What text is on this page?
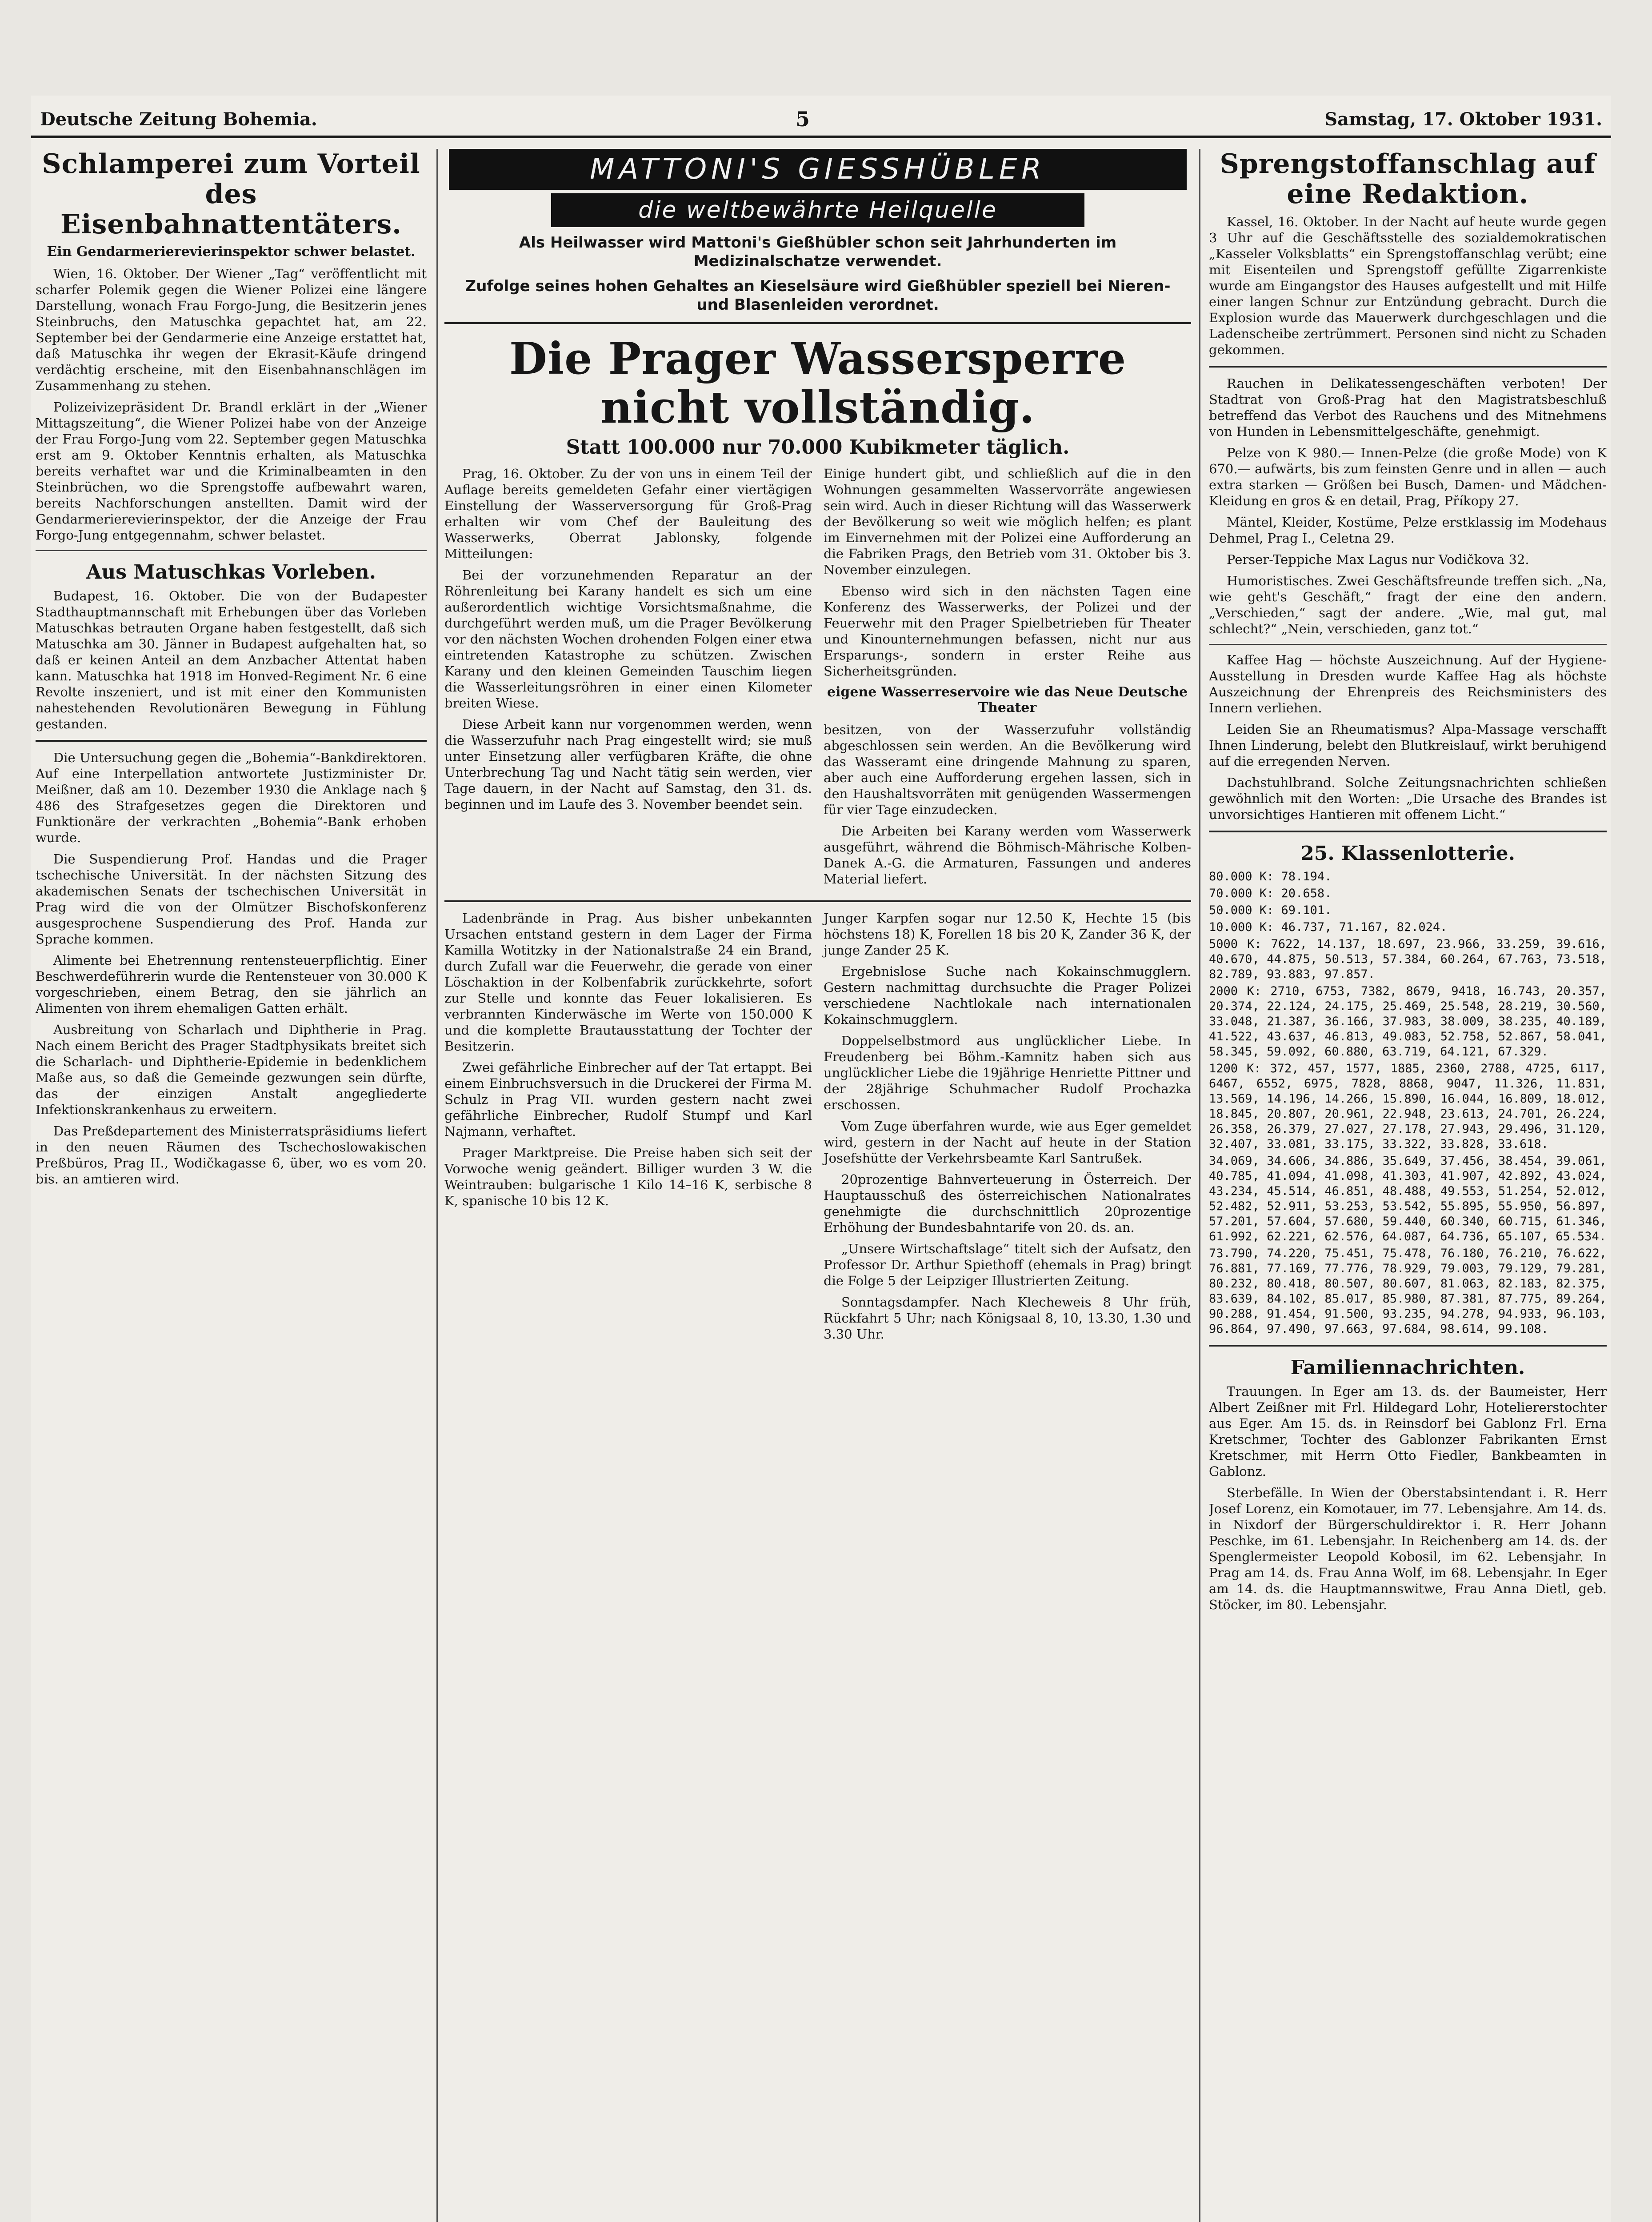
Deutsche Zeitung Bohemia.	5	Samstag, 17. Oktober 1931.
Schlamperei zum Vorteil des Eisenbahnattentäters.
Ein Gendarmerierevierinspektor schwer belastet.

Wien, 16. Oktober. Der Wiener „Tag“ veröffentlicht mit scharfer Polemik gegen die Wiener Polizei eine längere Darstellung, wonach Frau Forgo-Jung, die Besitzerin jenes Steinbruchs, den Matuschka gepachtet hat, am 22. September bei der Gendarmerie eine Anzeige erstattet hat, daß Matuschka ihr wegen der Ekrasit-Käufe dringend verdächtig erscheine, mit den Eisenbahnanschlägen im Zusammenhang zu stehen.

Polizeivizepräsident Dr. Brandl erklärt in der „Wiener Mittagszeitung“, die Wiener Polizei habe von der Anzeige der Frau Forgo-Jung vom 22. September gegen Matuschka erst am 9. Oktober Kenntnis erhalten, als Matuschka bereits verhaftet war und die Kriminalbeamten in den Steinbrüchen, wo die Sprengstoffe aufbewahrt waren, bereits Nachforschungen anstellten. Damit wird der Gendarmerierevierinspektor, der die Anzeige der Frau Forgo-Jung entgegennahm, schwer belastet.

Aus Matuschkas Vorleben.

Budapest, 16. Oktober. Die von der Budapester Stadthauptmannschaft mit Erhebungen über das Vorleben Matuschkas betrauten Organe haben festgestellt, daß sich Matuschka am 30. Jänner in Budapest aufgehalten hat, so daß er keinen Anteil an dem Anzbacher Attentat haben kann. Matuschka hat 1918 im Honved-Regiment Nr. 6 eine Revolte inszeniert, und ist mit einer den Kommunisten nahestehenden Revolutionären Bewegung in Fühlung gestanden.

Die Untersuchung gegen die „Bohemia“-Bankdirektoren. Auf eine Interpellation antwortete Justizminister Dr. Meißner, daß am 10. Dezember 1930 die Anklage nach § 486 des Strafgesetzes gegen die Direktoren und Funktionäre der verkrachten „Bohemia“-Bank erhoben wurde.

Die Suspendierung Prof. Handas und die Prager tschechische Universität. In der nächsten Sitzung des akademischen Senats der tschechischen Universität in Prag wird die von der Olmützer Bischofskonferenz ausgesprochene Suspendierung des Prof. Handa zur Sprache kommen.

Alimente bei Ehetrennung rentensteuerpflichtig. Einer Beschwerdeführerin wurde die Rentensteuer von 30.000 K vorgeschrieben, einem Betrag, den sie jährlich an Alimenten von ihrem ehemaligen Gatten erhält.

Ausbreitung von Scharlach und Diphtherie in Prag. Nach einem Bericht des Prager Stadtphysikats breitet sich die Scharlach- und Diphtherie-Epidemie in bedenklichem Maße aus, so daß die Gemeinde gezwungen sein dürfte, das der einzigen Anstalt angegliederte Infektionskrankenhaus zu erweitern.

Das Preßdepartement des Ministerratspräsidiums liefert in den neuen Räumen des Tschechoslowakischen Preßbüros, Prag II., Wodičkagasse 6, über, wo es vom 20. bis. an amtieren wird.

MATTONI'S GIESSHÜBLER
die weltbewährte Heilquelle
Als Heilwasser wird Mattoni's Gießhübler schon seit Jahrhunderten im Medizinalschatze verwendet.
Zufolge seines hohen Gehaltes an Kieselsäure wird Gießhübler speziell bei Nieren- und Blasenleiden verordnet.
Die Prager Wassersperre nicht vollständig.
Statt 100.000 nur 70.000 Kubikmeter täglich.

Prag, 16. Oktober. Zu der von uns in einem Teil der Auflage bereits gemeldeten Gefahr einer viertägigen Einstellung der Wasserversorgung für Groß-Prag erhalten wir vom Chef der Bauleitung des Wasserwerks, Oberrat Jablonsky, folgende Mitteilungen:

Bei der vorzunehmenden Reparatur an der Röhrenleitung bei Karany handelt es sich um eine außerordentlich wichtige Vorsichtsmaßnahme, die durchgeführt werden muß, um die Prager Bevölkerung vor den nächsten Wochen drohenden Folgen einer etwa eintretenden Katastrophe zu schützen. Zwischen Karany und den kleinen Gemeinden Tauschim liegen die Wasserleitungsröhren in einer einen Kilometer breiten Wiese.

Diese Arbeit kann nur vorgenommen werden, wenn die Wasserzufuhr nach Prag eingestellt wird; sie muß unter Einsetzung aller verfügbaren Kräfte, die ohne Unterbrechung Tag und Nacht tätig sein werden, vier Tage dauern, in der Nacht auf Samstag, den 31. ds. beginnen und im Laufe des 3. November beendet sein.

Einige hundert gibt, und schließlich auf die in den Wohnungen gesammelten Wasservorräte angewiesen sein wird. Auch in dieser Richtung will das Wasserwerk der Bevölkerung so weit wie möglich helfen; es plant im Einvernehmen mit der Polizei eine Aufforderung an die Fabriken Prags, den Betrieb vom 31. Oktober bis 3. November einzulegen.

Ebenso wird sich in den nächsten Tagen eine Konferenz des Wasserwerks, der Polizei und der Feuerwehr mit den Prager Spielbetrieben für Theater und Kinounternehmungen befassen, nicht nur aus Ersparungs-, sondern in erster Reihe aus Sicherheitsgründen.

eigene Wasserreservoire wie das Neue Deutsche Theater

besitzen, von der Wasserzufuhr vollständig abgeschlossen sein werden. An die Bevölkerung wird das Wasseramt eine dringende Mahnung zu sparen, aber auch eine Aufforderung ergehen lassen, sich in den Haushaltsvorräten mit genügenden Wassermengen für vier Tage einzudecken.

Die Arbeiten bei Karany werden vom Wasserwerk ausgeführt, während die Böhmisch-Mährische Kolben-Danek A.-G. die Armaturen, Fassungen und anderes Material liefert.

Ladenbrände in Prag. Aus bisher unbekannten Ursachen entstand gestern in dem Lager der Firma Kamilla Wotitzky in der Nationalstraße 24 ein Brand, durch Zufall war die Feuerwehr, die gerade von einer Löschaktion in der Kolbenfabrik zurückkehrte, sofort zur Stelle und konnte das Feuer lokalisieren. Es verbrannten Kinderwäsche im Werte von 150.000 K und die komplette Brautausstattung der Tochter der Besitzerin.

Zwei gefährliche Einbrecher auf der Tat ertappt. Bei einem Einbruchsversuch in die Druckerei der Firma M. Schulz in Prag VII. wurden gestern nacht zwei gefährliche Einbrecher, Rudolf Stumpf und Karl Najmann, verhaftet.

Prager Marktpreise. Die Preise haben sich seit der Vorwoche wenig geändert. Billiger wurden 3 W. die Weintrauben: bulgarische 1 Kilo 14–16 K, serbische 8 K, spanische 10 bis 12 K.

Junger Karpfen sogar nur 12.50 K, Hechte 15 (bis höchstens 18) K, Forellen 18 bis 20 K, Zander 36 K, der junge Zander 25 K.

Ergebnislose Suche nach Kokainschmugglern. Gestern nachmittag durchsuchte die Prager Polizei verschiedene Nachtlokale nach internationalen Kokainschmugglern.

Doppelselbstmord aus unglücklicher Liebe. In Freudenberg bei Böhm.-Kamnitz haben sich aus unglücklicher Liebe die 19jährige Henriette Pittner und der 28jährige Schuhmacher Rudolf Prochazka erschossen.

Vom Zuge überfahren wurde, wie aus Eger gemeldet wird, gestern in der Nacht auf heute in der Station Josefshütte der Verkehrsbeamte Karl Santrußek.

20prozentige Bahnverteuerung in Österreich. Der Hauptausschuß des österreichischen Nationalrates genehmigte die durchschnittlich 20prozentige Erhöhung der Bundesbahntarife von 20. ds. an.

„Unsere Wirtschaftslage“ titelt sich der Aufsatz, den Professor Dr. Arthur Spiethoff (ehemals in Prag) bringt die Folge 5 der Leipziger Illustrierten Zeitung.

Sonntagsdampfer. Nach Klecheweis 8 Uhr früh, Rückfahrt 5 Uhr; nach Königsaal 8, 10, 13.30, 1.30 und 3.30 Uhr.

Sprengstoffanschlag auf eine Redaktion.

Kassel, 16. Oktober. In der Nacht auf heute wurde gegen 3 Uhr auf die Geschäftsstelle des sozialdemokratischen „Kasseler Volksblatts“ ein Sprengstoffanschlag verübt; eine mit Eisenteilen und Sprengstoff gefüllte Zigarrenkiste wurde am Eingangstor des Hauses aufgestellt und mit Hilfe einer langen Schnur zur Entzündung gebracht. Durch die Explosion wurde das Mauerwerk durchgeschlagen und die Ladenscheibe zertrümmert. Personen sind nicht zu Schaden gekommen.

Rauchen in Delikatessengeschäften verboten! Der Stadtrat von Groß-Prag hat den Magistratsbeschluß betreffend das Verbot des Rauchens und des Mitnehmens von Hunden in Lebensmittelgeschäfte, genehmigt.

Pelze von K 980.— Innen-Pelze (die große Mode) von K 670.— aufwärts, bis zum feinsten Genre und in allen — auch extra starken — Größen bei Busch, Damen- und Mädchen-Kleidung en gros & en detail, Prag, Příkopy 27.

Mäntel, Kleider, Kostüme, Pelze erstklassig im Modehaus Dehmel, Prag I., Celetna 29.

Perser-Teppiche Max Lagus nur Vodičkova 32.

Humoristisches. Zwei Geschäftsfreunde treffen sich. „Na, wie geht's Geschäft,“ fragt der eine den andern. „Verschieden,“ sagt der andere. „Wie, mal gut, mal schlecht?“ „Nein, verschieden, ganz tot.“

Kaffee Hag — höchste Auszeichnung. Auf der Hygiene-Ausstellung in Dresden wurde Kaffee Hag als höchste Auszeichnung der Ehrenpreis des Reichsministers des Innern verliehen.

Leiden Sie an Rheumatismus? Alpa-Massage verschafft Ihnen Linderung, belebt den Blutkreislauf, wirkt beruhigend auf die erregenden Nerven.

Dachstuhlbrand. Solche Zeitungsnachrichten schließen gewöhnlich mit den Worten: „Die Ursache des Brandes ist unvorsichtiges Hantieren mit offenem Licht.“

25. Klassenlotterie.

80.000 K: 78.194.

70.000 K: 20.658.

50.000 K: 69.101.

10.000 K: 46.737, 71.167, 82.024.

5000 K: 7622, 14.137, 18.697, 23.966, 33.259, 39.616, 40.670, 44.875, 50.513, 57.384, 60.264, 67.763, 73.518, 82.789, 93.883, 97.857.

2000 K: 2710, 6753, 7382, 8679, 9418, 16.743, 20.357, 20.374, 22.124, 24.175, 25.469, 25.548, 28.219, 30.560, 33.048, 21.387, 36.166, 37.983, 38.009, 38.235, 40.189, 41.522, 43.637, 46.813, 49.083, 52.758, 52.867, 58.041, 58.345, 59.092, 60.880, 63.719, 64.121, 67.329.

1200 K: 372, 457, 1577, 1885, 2360, 2788, 4725, 6117, 6467, 6552, 6975, 7828, 8868, 9047, 11.326, 11.831, 13.569, 14.196, 14.266, 15.890, 16.044, 16.809, 18.012, 18.845, 20.807, 20.961, 22.948, 23.613, 24.701, 26.224, 26.358, 26.379, 27.027, 27.178, 27.943, 29.496, 31.120, 32.407, 33.081, 33.175, 33.322, 33.828, 33.618.

34.069, 34.606, 34.886, 35.649, 37.456, 38.454, 39.061, 40.785, 41.094, 41.098, 41.303, 41.907, 42.892, 43.024, 43.234, 45.514, 46.851, 48.488, 49.553, 51.254, 52.012, 52.482, 52.911, 53.253, 53.542, 55.895, 55.950, 56.897, 57.201, 57.604, 57.680, 59.440, 60.340, 60.715, 61.346, 61.992, 62.221, 62.576, 64.087, 64.736, 65.107, 65.534.

73.790, 74.220, 75.451, 75.478, 76.180, 76.210, 76.622, 76.881, 77.169, 77.776, 78.929, 79.003, 79.129, 79.281, 80.232, 80.418, 80.507, 80.607, 81.063, 82.183, 82.375, 83.639, 84.102, 85.017, 85.980, 87.381, 87.775, 89.264, 90.288, 91.454, 91.500, 93.235, 94.278, 94.933, 96.103, 96.864, 97.490, 97.663, 97.684, 98.614, 99.108.

Familiennachrichten.

Trauungen. In Eger am 13. ds. der Baumeister, Herr Albert Zeißner mit Frl. Hildegard Lohr, Hoteliererstochter aus Eger. Am 15. ds. in Reinsdorf bei Gablonz Frl. Erna Kretschmer, Tochter des Gablonzer Fabrikanten Ernst Kretschmer, mit Herrn Otto Fiedler, Bankbeamten in Gablonz.

Sterbefälle. In Wien der Oberstabsintendant i. R. Herr Josef Lorenz, ein Komotauer, im 77. Lebensjahre. Am 14. ds. in Nixdorf der Bürgerschuldirektor i. R. Herr Johann Peschke, im 61. Lebensjahr. In Reichenberg am 14. ds. der Spenglermeister Leopold Kobosil, im 62. Lebensjahr. In Prag am 14. ds. Frau Anna Wolf, im 68. Lebensjahr. In Eger am 14. ds. die Hauptmannswitwe, Frau Anna Dietl, geb. Stöcker, im 80. Lebensjahr.
